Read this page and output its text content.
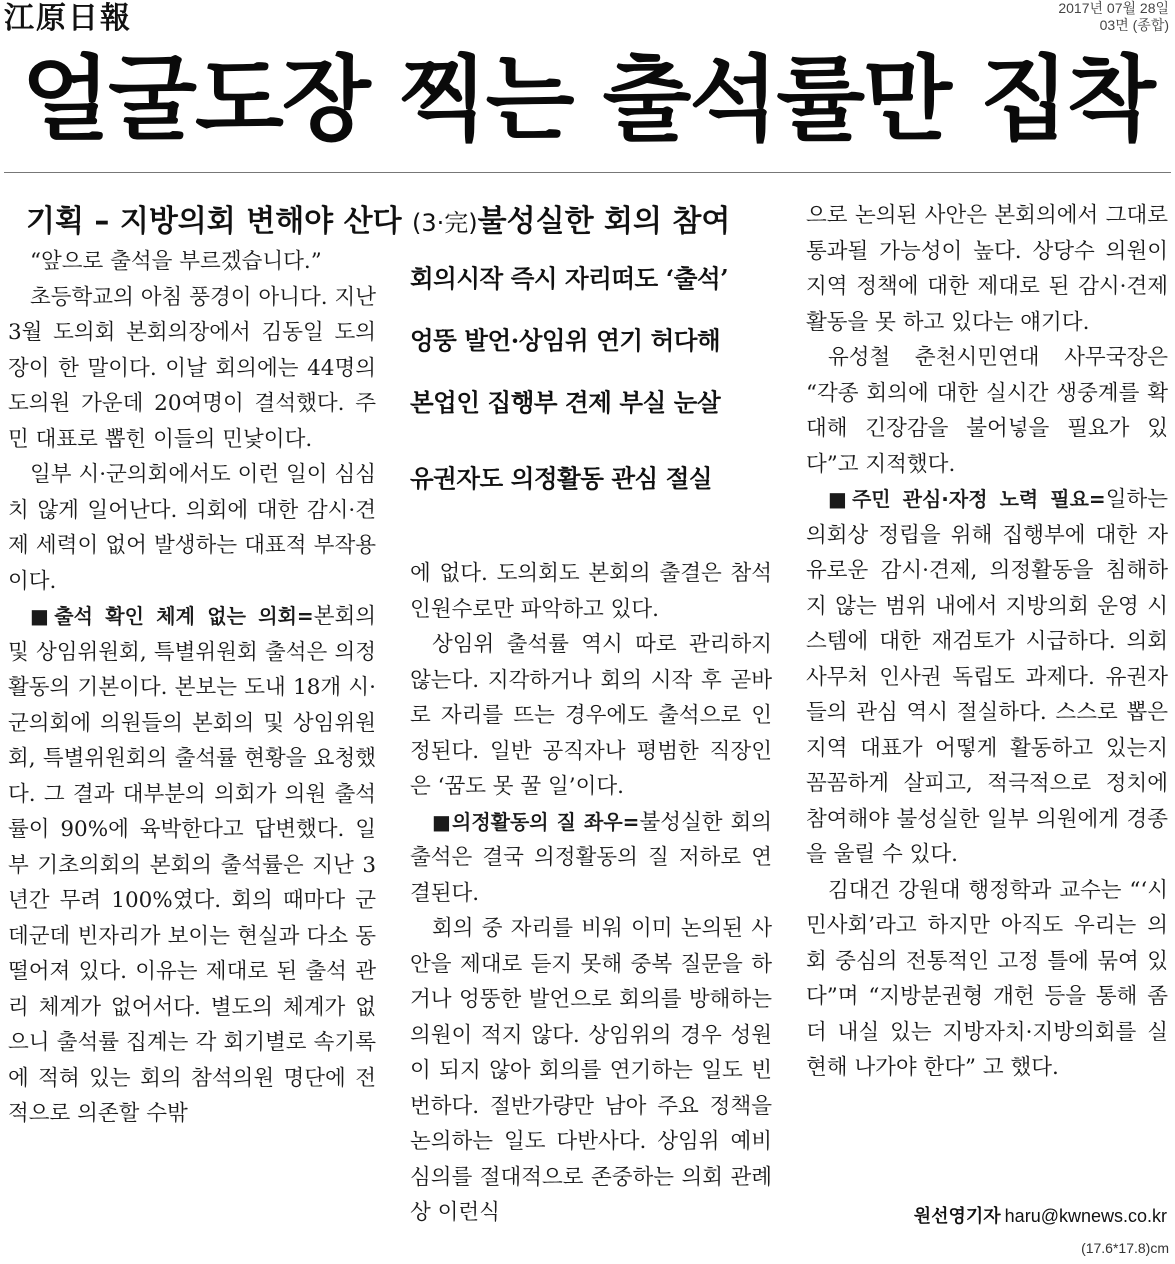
江原日報	2017년 07월 28일
03면 (종합)
얼굴도장 찍는 출석률만 집착
기획 – 지방의회 변해야 산다 (3·完)불성실한 회의 참여

“앞으로 출석을 부르겠습니다.”

초등학교의 아침 풍경이 아니다. 지난 3월 도의회 본회의장에서 김동일 도의장이 한 말이다. 이날 회의에는 44명의 도의원 가운데 20여명이 결석했다. 주민 대표로 뽑힌 이들의 민낯이다.

일부 시·군의회에서도 이런 일이 심심치 않게 일어난다. 의회에 대한 감시·견제 세력이 없어 발생하는 대표적 부작용이다.

■출석 확인 체계 없는 의회=본회의 및 상임위원회, 특별위원회 출석은 의정활동의 기본이다. 본보는 도내 18개 시·군의회에 의원들의 본회의 및 상임위원회, 특별위원회의 출석률 현황을 요청했다. 그 결과 대부분의 의회가 의원 출석률이 90%에 육박한다고 답변했다. 일부 기초의회의 본회의 출석률은 지난 3년간 무려 100%였다. 회의 때마다 군데군데 빈자리가 보이는 현실과 다소 동떨어져 있다. 이유는 제대로 된 출석 관리 체계가 없어서다. 별도의 체계가 없으니 출석률 집계는 각 회기별로 속기록에 적혀 있는 회의 참석의원 명단에 전적으로 의존할 수밖

회의시작 즉시 자리떠도 ‘출석’
엉뚱 발언·상임위 연기 허다해
본업인 집행부 견제 부실 눈살
유권자도 의정활동 관심 절실

에 없다. 도의회도 본회의 출결은 참석 인원수로만 파악하고 있다.

상임위 출석률 역시 따로 관리하지 않는다. 지각하거나 회의 시작 후 곧바로 자리를 뜨는 경우에도 출석으로 인정된다. 일반 공직자나 평범한 직장인은 ‘꿈도 못 꿀 일’이다.

■의정활동의 질 좌우=불성실한 회의 출석은 결국 의정활동의 질 저하로 연결된다.

회의 중 자리를 비워 이미 논의된 사안을 제대로 듣지 못해 중복 질문을 하거나 엉뚱한 발언으로 회의를 방해하는 의원이 적지 않다. 상임위의 경우 성원이 되지 않아 회의를 연기하는 일도 빈번하다. 절반가량만 남아 주요 정책을 논의하는 일도 다반사다. 상임위 예비심의를 절대적으로 존중하는 의회 관례상 이런식

으로 논의된 사안은 본회의에서 그대로 통과될 가능성이 높다. 상당수 의원이 지역 정책에 대한 제대로 된 감시·견제활동을 못 하고 있다는 얘기다.

유성철 춘천시민연대 사무국장은 “각종 회의에 대한 실시간 생중계를 확대해 긴장감을 불어넣을 필요가 있다”고 지적했다.

■주민 관심·자정 노력 필요=일하는 의회상 정립을 위해 집행부에 대한 자유로운 감시·견제, 의정활동을 침해하지 않는 범위 내에서 지방의회 운영 시스템에 대한 재검토가 시급하다. 의회 사무처 인사권 독립도 과제다. 유권자들의 관심 역시 절실하다. 스스로 뽑은 지역 대표가 어떻게 활동하고 있는지 꼼꼼하게 살피고, 적극적으로 정치에 참여해야 불성실한 일부 의원에게 경종을 울릴 수 있다.

김대건 강원대 행정학과 교수는 “‘시민사회’라고 하지만 아직도 우리는 의회 중심의 전통적인 고정 틀에 묶여 있다”며 “지방분권형 개헌 등을 통해 좀 더 내실 있는 지방자치·지방의회를 실현해 나가야 한다” 고 했다.

원선영기자 haru@kwnews.co.kr
(17.6*17.8)cm
